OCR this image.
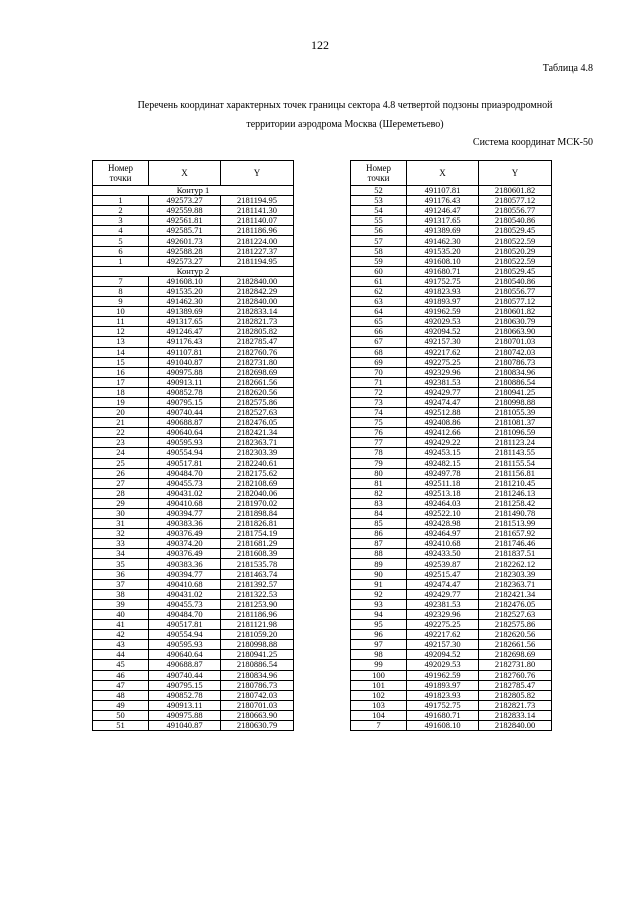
122
Таблица 4.8
Перечень координат характерных точек границы сектора 4.8 четвертой подзоны приаэродромной
территории аэродрома Москва (Шереметьево)
Система координат МСК-50
Номер
точки	X	Y
Контур 1		
1	492573.27	2181194.95
2	492559.88	2181141.30
3	492561.81	2181140.07
4	492585.71	2181186.96
5	492601.73	2181224.00
6	492588.28	2181227.37
1	492573.27	2181194.95
Контур 2		
7	491608.10	2182840.00
8	491535.20	2182842.29
9	491462.30	2182840.00
10	491389.69	2182833.14
11	491317.65	2182821.73
12	491246.47	2182805.82
13	491176.43	2182785.47
14	491107.81	2182760.76
15	491040.87	2182731.80
16	490975.88	2182698.69
17	490913.11	2182661.56
18	490852.78	2182620.56
19	490795.15	2182575.86
20	490740.44	2182527.63
21	490688.87	2182476.05
22	490640.64	2182421.34
23	490595.93	2182363.71
24	490554.94	2182303.39
25	490517.81	2182240.61
26	490484.70	2182175.62
27	490455.73	2182108.69
28	490431.02	2182040.06
29	490410.68	2181970.02
30	490394.77	2181898.84
31	490383.36	2181826.81
32	490376.49	2181754.19
33	490374.20	2181681.29
34	490376.49	2181608.39
35	490383.36	2181535.78
36	490394.77	2181463.74
37	490410.68	2181392.57
38	490431.02	2181322.53
39	490455.73	2181253.90
40	490484.70	2181186.96
41	490517.81	2181121.98
42	490554.94	2181059.20
43	490595.93	2180998.88
44	490640.64	2180941.25
45	490688.87	2180886.54
46	490740.44	2180834.96
47	490795.15	2180786.73
48	490852.78	2180742.03
49	490913.11	2180701.03
50	490975.88	2180663.90
51	491040.87	2180630.79
Номер
точки	X	Y
52	491107.81	2180601.82
53	491176.43	2180577.12
54	491246.47	2180556.77
55	491317.65	2180540.86
56	491389.69	2180529.45
57	491462.30	2180522.59
58	491535.20	2180520.29
59	491608.10	2180522.59
60	491680.71	2180529.45
61	491752.75	2180540.86
62	491823.93	2180556.77
63	491893.97	2180577.12
64	491962.59	2180601.82
65	492029.53	2180630.79
66	492094.52	2180663.90
67	492157.30	2180701.03
68	492217.62	2180742.03
69	492275.25	2180786.73
70	492329.96	2180834.96
71	492381.53	2180886.54
72	492429.77	2180941.25
73	492474.47	2180998.88
74	492512.88	2181055.39
75	492408.86	2181081.37
76	492412.66	2181096.59
77	492429.22	2181123.24
78	492453.15	2181143.55
79	492482.15	2181155.54
80	492497.78	2181156.81
81	492511.18	2181210.45
82	492513.18	2181246.13
83	492464.03	2181258.42
84	492522.10	2181490.78
85	492428.98	2181513.99
86	492464.97	2181657.92
87	492410.68	2181746.46
88	492433.50	2181837.51
89	492539.87	2182262.12
90	492515.47	2182303.39
91	492474.47	2182363.71
92	492429.77	2182421.34
93	492381.53	2182476.05
94	492329.96	2182527.63
95	492275.25	2182575.86
96	492217.62	2182620.56
97	492157.30	2182661.56
98	492094.52	2182698.69
99	492029.53	2182731.80
100	491962.59	2182760.76
101	491893.97	2182785.47
102	491823.93	2182805.82
103	491752.75	2182821.73
104	491680.71	2182833.14
7	491608.10	2182840.00
